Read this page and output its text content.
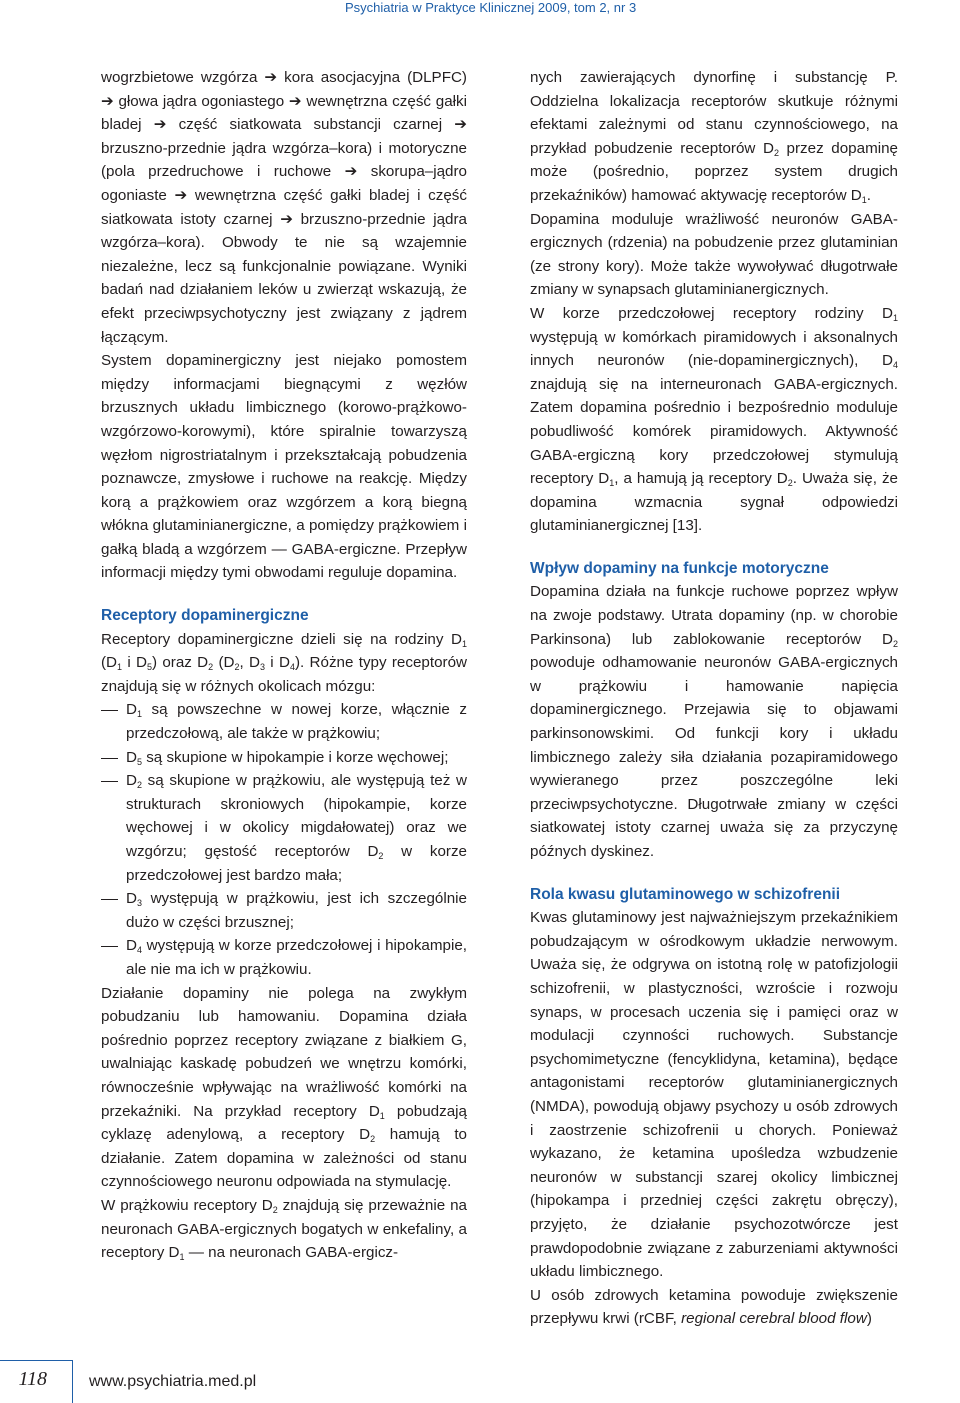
Psychiatria w Praktyce Klinicznej 2009, tom 2, nr 3

wogrzbietowe wzgórza ➔ kora asocjacyjna (DLPFC) ➔ głowa jądra ogoniastego ➔ wewnętrzna część gałki bladej ➔ część siatkowata substancji czarnej ➔ brzuszno-przednie jądra wzgórza–kora) i motoryczne (pola przedruchowe i ruchowe ➔ skorupa–jądro ogoniaste ➔ wewnętrzna część gałki bladej i część siatkowata istoty czarnej ➔ brzuszno-przednie jądra wzgórza–kora). Obwody te nie są wzajemnie niezależne, lecz są funkcjonalnie powiązane. Wyniki badań nad działaniem leków u zwierząt wskazują, że efekt przeciwpsychotyczny jest związany z jądrem łączącym.

System dopaminergiczny jest niejako pomostem między informacjami biegnącymi z węzłów brzusznych układu limbicznego (korowo-prążkowo-wzgórzowo-korowymi), które spiralnie towarzyszą węzłom nigrostriatalnym i przekształcają pobudzenia poznawcze, zmysłowe i ruchowe na reakcję. Między korą a prążkowiem oraz wzgórzem a korą biegną włókna glutaminianergiczne, a pomiędzy prążkowiem i gałką bladą a wzgórzem — GABA-ergiczne. Przepływ informacji między tymi obwodami reguluje dopamina.

Receptory dopaminergiczne

Receptory dopaminergiczne dzieli się na rodziny $D_1$ ($D_1$ i $D_5$) oraz $D_2$ ($D_2$, $D_3$ i $D_4$). Różne typy receptorów znajdują się w różnych okolicach mózgu:

$D_1$ są powszechne w nowej korze, włącznie z przedczołową, ale także w prążkowiu;
$D_5$ są skupione w hipokampie i korze węchowej;
$D_2$ są skupione w prążkowiu, ale występują też w strukturach skroniowych (hipokampie, korze węchowej i w okolicy migdałowatej) oraz we wzgórzu; gęstość receptorów $D_2$ w korze przedczołowej jest bardzo mała;
$D_3$ występują w prążkowiu, jest ich szczególnie dużo w części brzusznej;
$D_4$ występują w korze przedczołowej i hipokampie, ale nie ma ich w prążkowiu.

Działanie dopaminy nie polega na zwykłym pobudzaniu lub hamowaniu. Dopamina działa pośrednio poprzez receptory związane z białkiem G, uwalniając kaskadę pobudzeń we wnętrzu komórki, równocześnie wpływając na wrażliwość komórki na przekaźniki. Na przykład receptory $D_1$ pobudzają cyklazę adenylową, a receptory $D_2$ hamują to działanie. Zatem dopamina w zależności od stanu czynnościowego neuronu odpowiada na stymulację.

W prążkowiu receptory $D_2$ znajdują się przeważnie na neuronach GABA-ergicznych bogatych w enkefaliny, a receptory $D_1$ — na neuronach GABA-ergicz-

nych zawierających dynorfinę i substancję P. Oddzielna lokalizacja receptorów skutkuje różnymi efektami zależnymi od stanu czynnościowego, na przykład pobudzenie receptorów $D_2$ przez dopaminę może (pośrednio, poprzez system drugich przekaźników) hamować aktywację receptorów $D_1$.

Dopamina moduluje wrażliwość neuronów GABA-ergicznych (rdzenia) na pobudzenie przez glutaminian (ze strony kory). Może także wywoływać długotrwałe zmiany w synapsach glutaminianergicznych.

W korze przedczołowej receptory rodziny $D_1$ występują w komórkach piramidowych i aksonalnych innych neuronów (nie-dopaminergicznych), $D_4$ znajdują się na interneuronach GABA-ergicznych. Zatem dopamina pośrednio i bezpośrednio moduluje pobudliwość komórek piramidowych. Aktywność GABA-ergiczną kory przedczołowej stymulują receptory $D_1$, a hamują ją receptory $D_2$. Uważa się, że dopamina wzmacnia sygnał odpowiedzi glutaminianergicznej [13].

Wpływ dopaminy na funkcje motoryczne

Dopamina działa na funkcje ruchowe poprzez wpływ na zwoje podstawy. Utrata dopaminy (np. w chorobie Parkinsona) lub zablokowanie receptorów $D_2$ powoduje odhamowanie neuronów GABA-ergicznych w prążkowiu i hamowanie napięcia dopaminergicznego. Przejawia się to objawami parkinsonowskimi. Od funkcji kory i układu limbicznego zależy siła działania pozapiramidowego wywieranego przez poszczególne leki przeciwpsychotyczne. Długotrwałe zmiany w części siatkowatej istoty czarnej uważa się za przyczynę późnych dyskinez.

Rola kwasu glutaminowego w schizofrenii

Kwas glutaminowy jest najważniejszym przekaźnikiem pobudzającym w ośrodkowym układzie nerwowym. Uważa się, że odgrywa on istotną rolę w patofizjologii schizofrenii, w plastyczności, wzroście i rozwoju synaps, w procesach uczenia się i pamięci oraz w modulacji czynności ruchowych. Substancje psychomimetyczne (fencyklidyna, ketamina), będące antagonistami receptorów glutaminianergicznych (NMDA), powodują objawy psychozy u osób zdrowych i zaostrzenie schizofrenii u chorych. Ponieważ wykazano, że ketamina upośledza wzbudzenie neuronów w substancji szarej okolicy limbicznej (hipokampa i przedniej części zakrętu obręczy), przyjęto, że działanie psychozotwórcze jest prawdopodobnie związane z zaburzeniami aktywności układu limbicznego.

U osób zdrowych ketamina powoduje zwiększenie przepływu krwi (rCBF, regional cerebral blood flow)

118	www.psychiatria.med.pl
